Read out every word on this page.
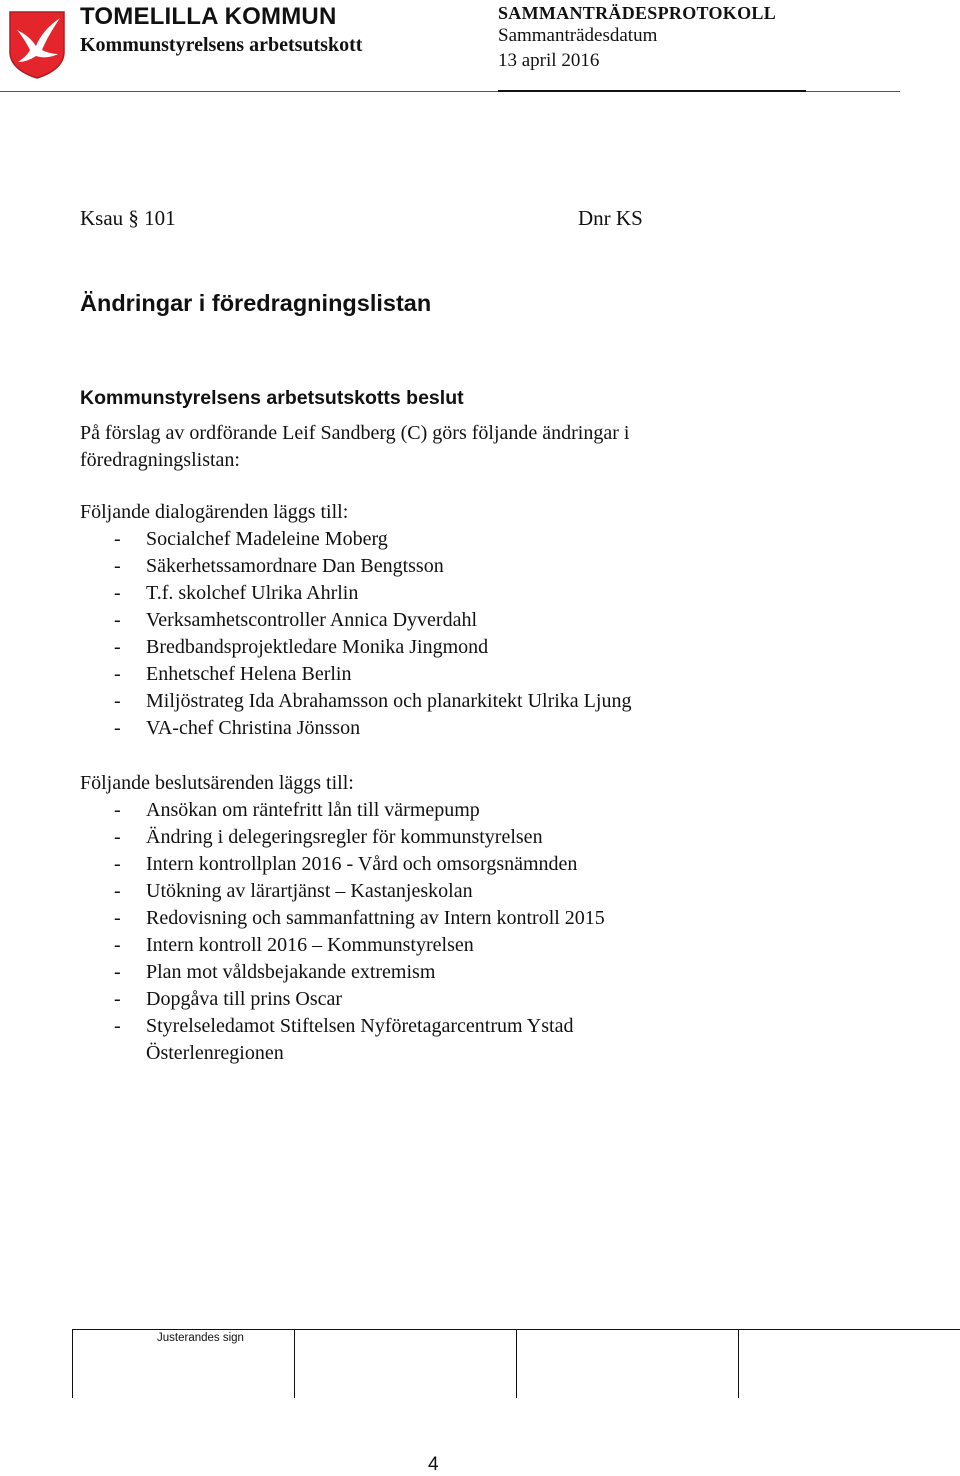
TOMELILLA KOMMUN
Kommunstyrelsens arbetsutskott
SAMMANTRÄDESPROTOKOLL
Sammanträdesdatum
13 april 2016
Ksau § 101	Dnr KS
Ändringar i föredragningslistan
Kommunstyrelsens arbetsutskotts beslut
På förslag av ordförande Leif Sandberg (C) görs följande ändringar i föredragningslistan:
Följande dialogärenden läggs till:
- Socialchef Madeleine Moberg
- Säkerhetssamordnare Dan Bengtsson
- T.f. skolchef Ulrika Ahrlin
- Verksamhetscontroller Annica Dyverdahl
- Bredbandsprojektledare Monika Jingmond
- Enhetschef Helena Berlin
- Miljöstrateg Ida Abrahamsson och planarkitekt Ulrika Ljung
- VA-chef Christina Jönsson
Följande beslutsärenden läggs till:
- Ansökan om räntefritt lån till värmepump
- Ändring i delegeringsregler för kommunstyrelsen
- Intern kontrollplan 2016 - Vård och omsorgsnämnden
- Utökning av lärartjänst – Kastanjeskolan
- Redovisning och sammanfattning av Intern kontroll 2015
- Intern kontroll 2016 – Kommunstyrelsen
- Plan mot våldsbejakande extremism
- Dopgåva till prins Oscar
- Styrelseledamot Stiftelsen Nyföretagarcentrum Ystad Österlenregionen
Justerandes sign
4
